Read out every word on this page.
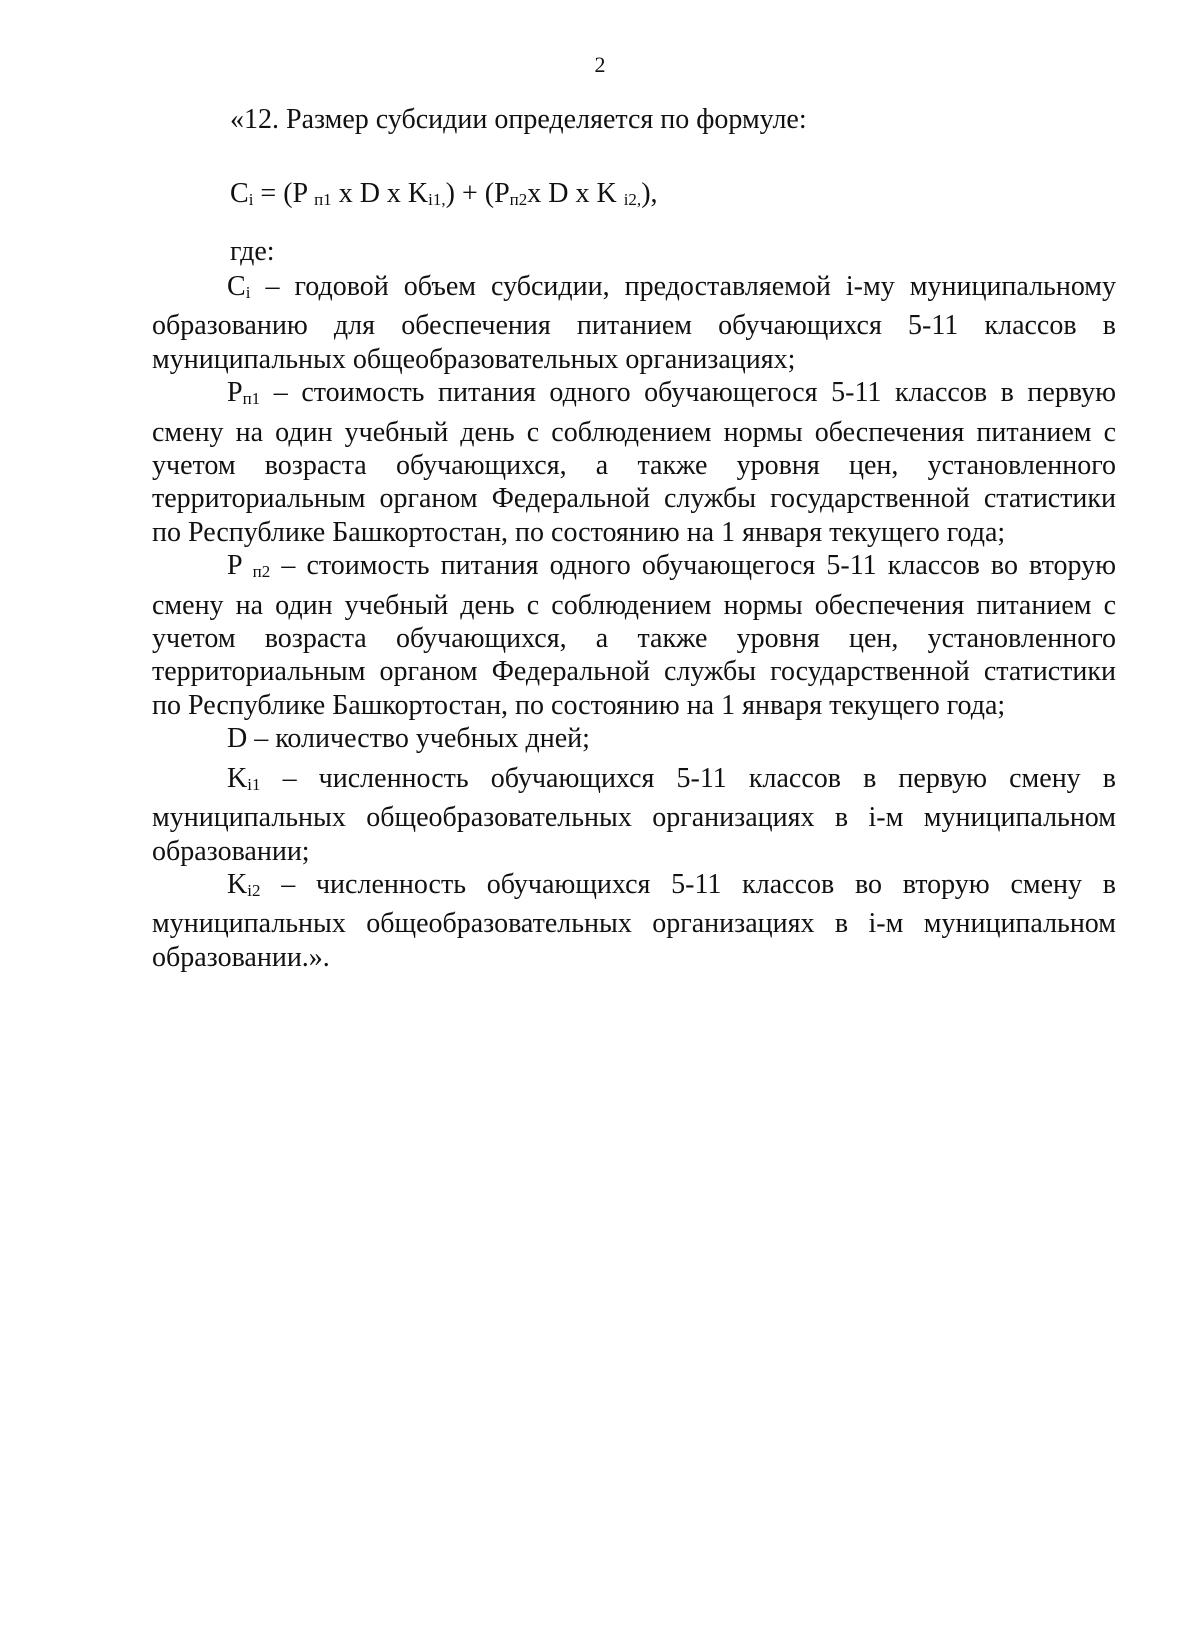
2
«12. Размер субсидии определяется по формуле:
Ci = (P п1 x D x Ki1,) + (Pп2x D x K i2,),
где:

Ci – годовой объем субсидии, предоставляемой i-му муниципальному образованию для обеспечения питанием обучающихся 5-11 классов в муниципальных общеобразовательных организациях;

Pп1 – стоимость питания одного обучающегося 5-11 классов в первую смену на один учебный день с соблюдением нормы обеспечения питанием с учетом возраста обучающихся, а также уровня цен, установленного территориальным органом Федеральной службы государственной статистики по Республике Башкортостан, по состоянию на 1 января текущего года;

P п2 – стоимость питания одного обучающегося 5-11 классов во вторую смену на один учебный день с соблюдением нормы обеспечения питанием с учетом возраста обучающихся, а также уровня цен, установленного территориальным органом Федеральной службы государственной статистики по Республике Башкортостан, по состоянию на 1 января текущего года;

D – количество учебных дней;

Ki1 – численность обучающихся 5-11 классов в первую смену в муниципальных общеобразовательных организациях в i-м муниципальном образовании;

Ki2 – численность обучающихся 5-11 классов во вторую смену в муниципальных общеобразовательных организациях в i-м муниципальном образовании.».
